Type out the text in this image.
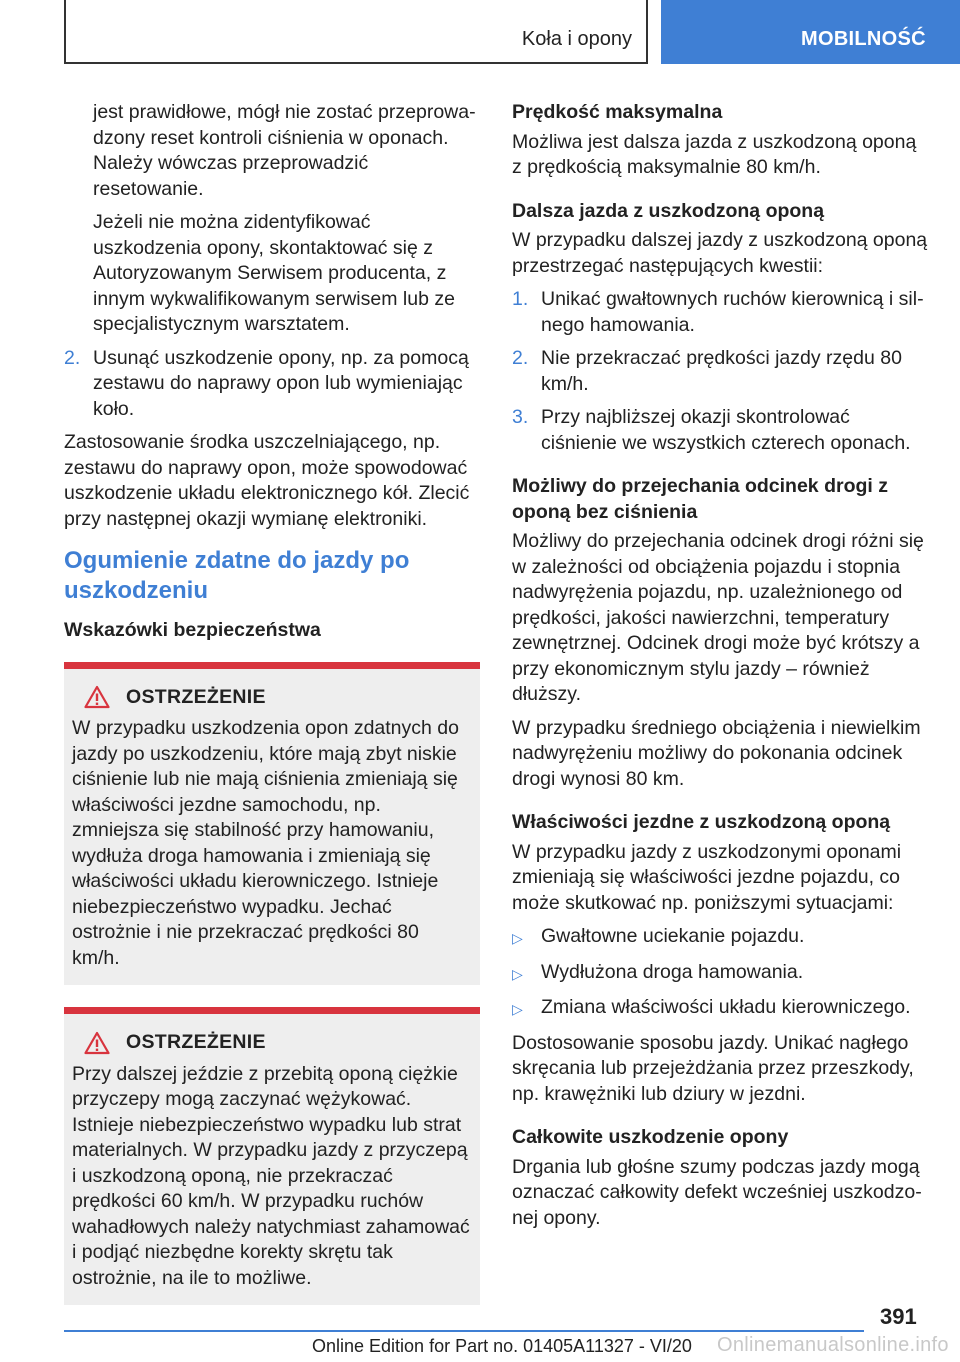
Koła i opony	MOBILNOŚĆ

jest prawidłowe, mógł nie zostać przeprowadzony reset kontroli ciśnienia w oponach. Należy wówczas przeprowadzić resetowanie.

Jeżeli nie można zidentyfikować uszkodzenia opony, skontaktować się z Autoryzowanym Serwisem producenta, z innym wykwalifikowanym serwisem lub ze specjalistycznym warsztatem.

2. Usunąć uszkodzenie opony, np. za pomocą zestawu do naprawy opon lub wymieniając koło.

Zastosowanie środka uszczelniającego, np. zestawu do naprawy opon, może spowodować uszkodzenie układu elektronicznego kół. Zlecić przy następnej okazji wymianę elektroniki.

Ogumienie zdatne do jazdy po uszkodzeniu
Wskazówki bezpieczeństwa
OSTRZEŻENIE

W przypadku uszkodzenia opon zdatnych do jazdy po uszkodzeniu, które mają zbyt niskie ciśnienie lub nie mają ciśnienia zmieniają się właściwości jezdne samochodu, np. zmniejsza się stabilność przy hamowaniu, wydłuża droga hamowania i zmieniają się właściwości układu kierowniczego. Istnieje niebezpieczeństwo wypadku. Jechać ostrożnie i nie przekraczać prędkości 80 km/h.

OSTRZEŻENIE

Przy dalszej jeździe z przebitą oponą ciężkie przyczepy mogą zaczynać wężykować. Istnieje niebezpieczeństwo wypadku lub strat materialnych. W przypadku jazdy z przyczepą i uszkodzoną oponą, nie przekraczać prędkości 60 km/h. W przypadku ruchów wahadłowych należy natychmiast zahamować i podjąć niezbędne korekty skrętu tak ostrożnie, na ile to możliwe.

Prędkość maksymalna

Możliwa jest dalsza jazda z uszkodzoną oponą z prędkością maksymalnie 80 km/h.

Dalsza jazda z uszkodzoną oponą

W przypadku dalszej jazdy z uszkodzoną oponą przestrzegać następujących kwestii:

1. Unikać gwałtownych ruchów kierownicą i silnego hamowania.
2. Nie przekraczać prędkości jazdy rzędu 80 km/h.
3. Przy najbliższej okazji skontrolować ciśnienie we wszystkich czterech oponach.
Możliwy do przejechania odcinek drogi z oponą bez ciśnienia

Możliwy do przejechania odcinek drogi różni się w zależności od obciążenia pojazdu i stopnia nadwyrężenia pojazdu, np. uzależnionego od prędkości, jakości nawierzchni, temperatury zewnętrznej. Odcinek drogi może być krótszy a przy ekonomicznym stylu jazdy – również dłuższy.

W przypadku średniego obciążenia i niewielkim nadwyrężeniu możliwy do pokonania odcinek drogi wynosi 80 km.

Właściwości jezdne z uszkodzoną oponą

W przypadku jazdy z uszkodzonymi oponami zmieniają się właściwości jezdne pojazdu, co może skutkować np. poniższymi sytuacjami:

▷ Gwałtowne uciekanie pojazdu.
▷ Wydłużona droga hamowania.
▷ Zmiana właściwości układu kierowniczego.

Dostosowanie sposobu jazdy. Unikać nagłego skręcania lub przejeżdżania przez przeszkody, np. krawężniki lub dziury w jezdni.

Całkowite uszkodzenie opony

Drgania lub głośne szumy podczas jazdy mogą oznaczać całkowity defekt wcześniej uszkodzonej opony.

391
Online Edition for Part no. 01405A11327 - VI/20 Onlinemanualsonline.info
